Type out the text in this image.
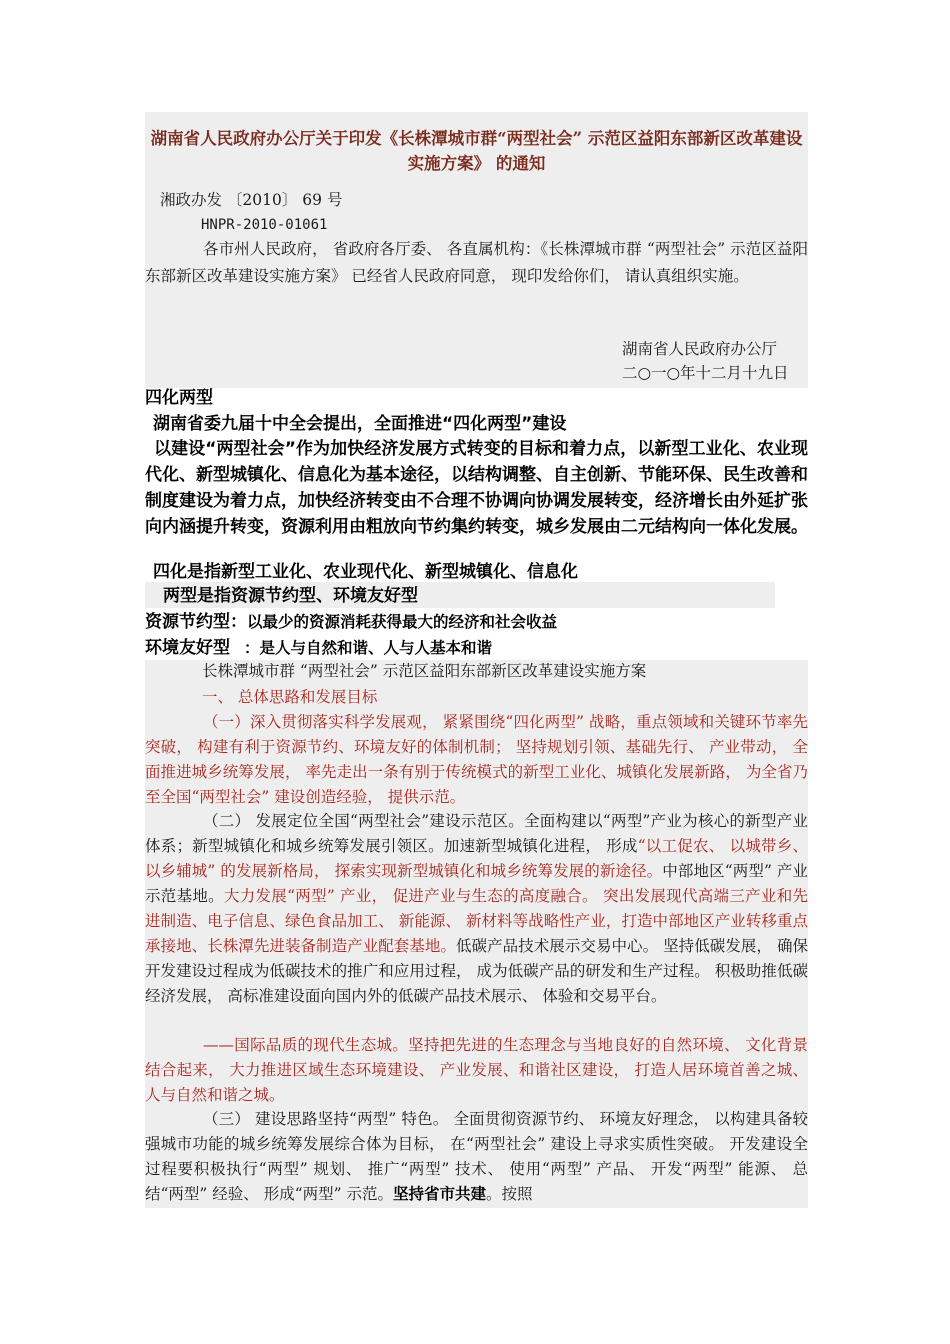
湖南省人民政府办公厅关于印发《长株潭城市群“两型社会” 示范区益阳东部新区改革建设实施方案》 的通知
湘政办发 〔2010〕 69 号
HNPR-2010-01061
各市州人民政府， 省政府各厅委、 各直属机构：《长株潭城市群 “两型社会” 示范区益阳东部新区改革建设实施方案》 已经省人民政府同意， 现印发给你们， 请认真组织实施。
湖南省人民政府办公厅
二○一○年十二月十九日
四化两型
湖南省委九届十中全会提出，全面推进“四化两型”建设
以建设“两型社会”作为加快经济发展方式转变的目标和着力点，以新型工业化、农业现代化、新型城镇化、信息化为基本途径，以结构调整、自主创新、节能环保、民生改善和制度建设为着力点，加快经济转变由不合理不协调向协调发展转变，经济增长由外延扩张向内涵提升转变，资源利用由粗放向节约集约转变，城乡发展由二元结构向一体化发展。
四化是指新型工业化、农业现代化、新型城镇化、信息化
两型是指资源节约型、环境友好型
资源节约型：以最少的资源消耗获得最大的经济和社会收益
环境友好型 ：是人与自然和谐、人与人基本和谐
长株潭城市群 “两型社会” 示范区益阳东部新区改革建设实施方案
一、 总体思路和发展目标
（一）深入贯彻落实科学发展观， 紧紧围绕“四化两型” 战略，重点领域和关键环节率先突破， 构建有利于资源节约、环境友好的体制机制； 坚持规划引领、基础先行、 产业带动， 全面推进城乡统筹发展， 率先走出一条有别于传统模式的新型工业化、城镇化发展新路， 为全省乃至全国“两型社会” 建设创造经验， 提供示范。
（二） 发展定位全国“两型社会”建设示范区。全面构建以“两型”产业为核心的新型产业体系；新型城镇化和城乡统筹发展引领区。加速新型城镇化进程， 形成“以工促农、 以城带乡、 以乡辅城” 的发展新格局， 探索实现新型城镇化和城乡统筹发展的新途径。中部地区“两型” 产业示范基地。大力发展“两型” 产业， 促进产业与生态的高度融合。 突出发展现代高端三产业和先进制造、电子信息、绿色食品加工、 新能源、 新材料等战略性产业，打造中部地区产业转移重点承接地、长株潭先进装备制造产业配套基地。低碳产品技术展示交易中心。 坚持低碳发展， 确保开发建设过程成为低碳技术的推广和应用过程， 成为低碳产品的研发和生产过程。 积极助推低碳经济发展， 高标准建设面向国内外的低碳产品技术展示、 体验和交易平台。
——国际品质的现代生态城。坚持把先进的生态理念与当地良好的自然环境、 文化背景结合起来， 大力推进区域生态环境建设、 产业发展、和谐社区建设， 打造人居环境首善之城、 人与自然和谐之城。
（三） 建设思路坚持“两型” 特色。 全面贯彻资源节约、 环境友好理念， 以构建具备较强城市功能的城乡统筹发展综合体为目标， 在“两型社会” 建设上寻求实质性突破。 开发建设全过程要积极执行“两型” 规划、 推广“两型” 技术、 使用“两型” 产品、 开发“两型” 能源、 总结“两型” 经验、 形成“两型” 示范。坚持省市共建。按照
